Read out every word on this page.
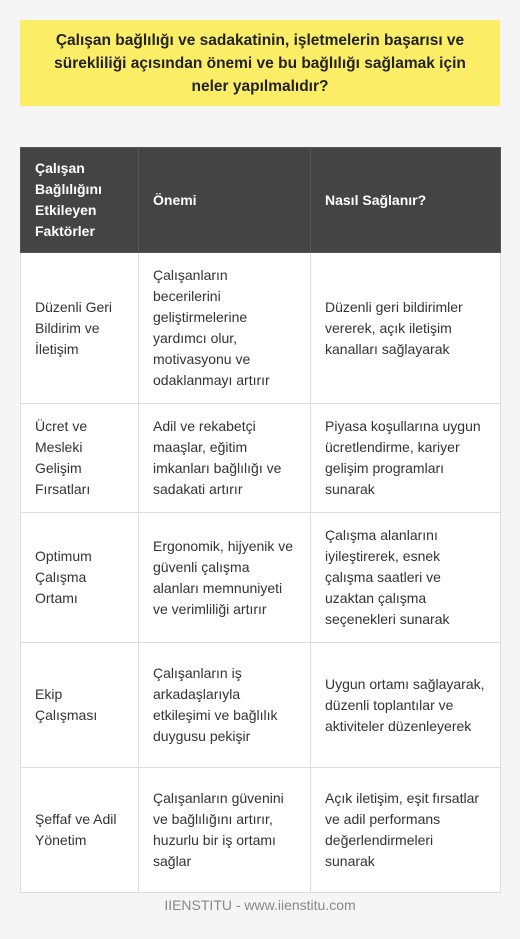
Çalışan bağlılığı ve sadakatinin, işletmelerin başarısı ve sürekliliği açısından önemi ve bu bağlılığı sağlamak için neler yapılmalıdır?
Çalışan Bağlılığını Etkileyen Faktörler	Önemi	Nasıl Sağlanır?
Düzenli Geri Bildirim ve İletişim	Çalışanların becerilerini geliştirmelerine yardımcı olur, motivasyonu ve odaklanmayı artırır	Düzenli geri bildirimler vererek, açık iletişim kanalları sağlayarak
Ücret ve Mesleki Gelişim Fırsatları	Adil ve rekabetçi maaşlar, eğitim imkanları bağlılığı ve sadakati artırır	Piyasa koşullarına uygun ücretlendirme, kariyer gelişim programları sunarak
Optimum Çalışma Ortamı	Ergonomik, hijyenik ve güvenli çalışma alanları memnuniyeti ve verimliliği artırır	Çalışma alanlarını iyileştirerek, esnek çalışma saatleri ve uzaktan çalışma seçenekleri sunarak
Ekip Çalışması	Çalışanların iş arkadaşlarıyla etkileşimi ve bağlılık duygusu pekişir	Uygun ortamı sağlayarak, düzenli toplantılar ve aktiviteler düzenleyerek
Şeffaf ve Adil Yönetim	Çalışanların güvenini ve bağlılığını artırır, huzurlu bir iş ortamı sağlar	Açık iletişim, eşit fırsatlar ve adil performans değerlendirmeleri sunarak
IIENSTITU - www.iienstitu.com
